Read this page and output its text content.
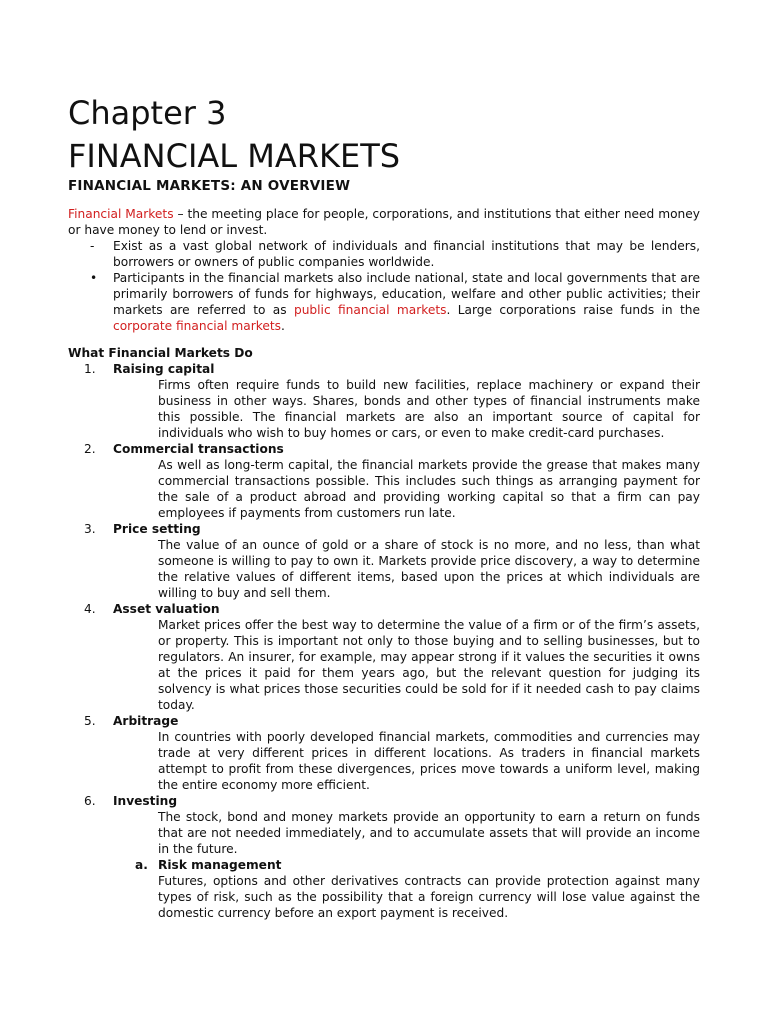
Chapter 3
FINANCIAL MARKETS
FINANCIAL MARKETS: AN OVERVIEW

Financial Markets – the meeting place for people, corporations, and institutions that either need money or have money to lend or invest.

- Exist as a vast global network of individuals and financial institutions that may be lenders, borrowers or owners of public companies worldwide.
• Participants in the financial markets also include national, state and local governments that are primarily borrowers of funds for highways, education, welfare and other public activities; their markets are referred to as public financial markets. Large corporations raise funds in the corporate financial markets.
What Financial Markets Do
1. Raising capital
Firms often require funds to build new facilities, replace machinery or expand their business in other ways. Shares, bonds and other types of financial instruments make this possible. The financial markets are also an important source of capital for individuals who wish to buy homes or cars, or even to make credit-card purchases.
2. Commercial transactions
As well as long-term capital, the financial markets provide the grease that makes many commercial transactions possible. This includes such things as arranging payment for the sale of a product abroad and providing working capital so that a firm can pay employees if payments from customers run late.
3. Price setting
The value of an ounce of gold or a share of stock is no more, and no less, than what someone is willing to pay to own it. Markets provide price discovery, a way to determine the relative values of different items, based upon the prices at which individuals are willing to buy and sell them.
4. Asset valuation
Market prices offer the best way to determine the value of a firm or of the firm’s assets, or property. This is important not only to those buying and to selling businesses, but to regulators. An insurer, for example, may appear strong if it values the securities it owns at the prices it paid for them years ago, but the relevant question for judging its solvency is what prices those securities could be sold for if it needed cash to pay claims today.
5. Arbitrage
In countries with poorly developed financial markets, commodities and currencies may trade at very different prices in different locations. As traders in financial markets attempt to profit from these divergences, prices move towards a uniform level, making the entire economy more efficient.
6. Investing
The stock, bond and money markets provide an opportunity to earn a return on funds that are not needed immediately, and to accumulate assets that will provide an income in the future.
a. Risk management
Futures, options and other derivatives contracts can provide protection against many types of risk, such as the possibility that a foreign currency will lose value against the domestic currency before an export payment is received.
